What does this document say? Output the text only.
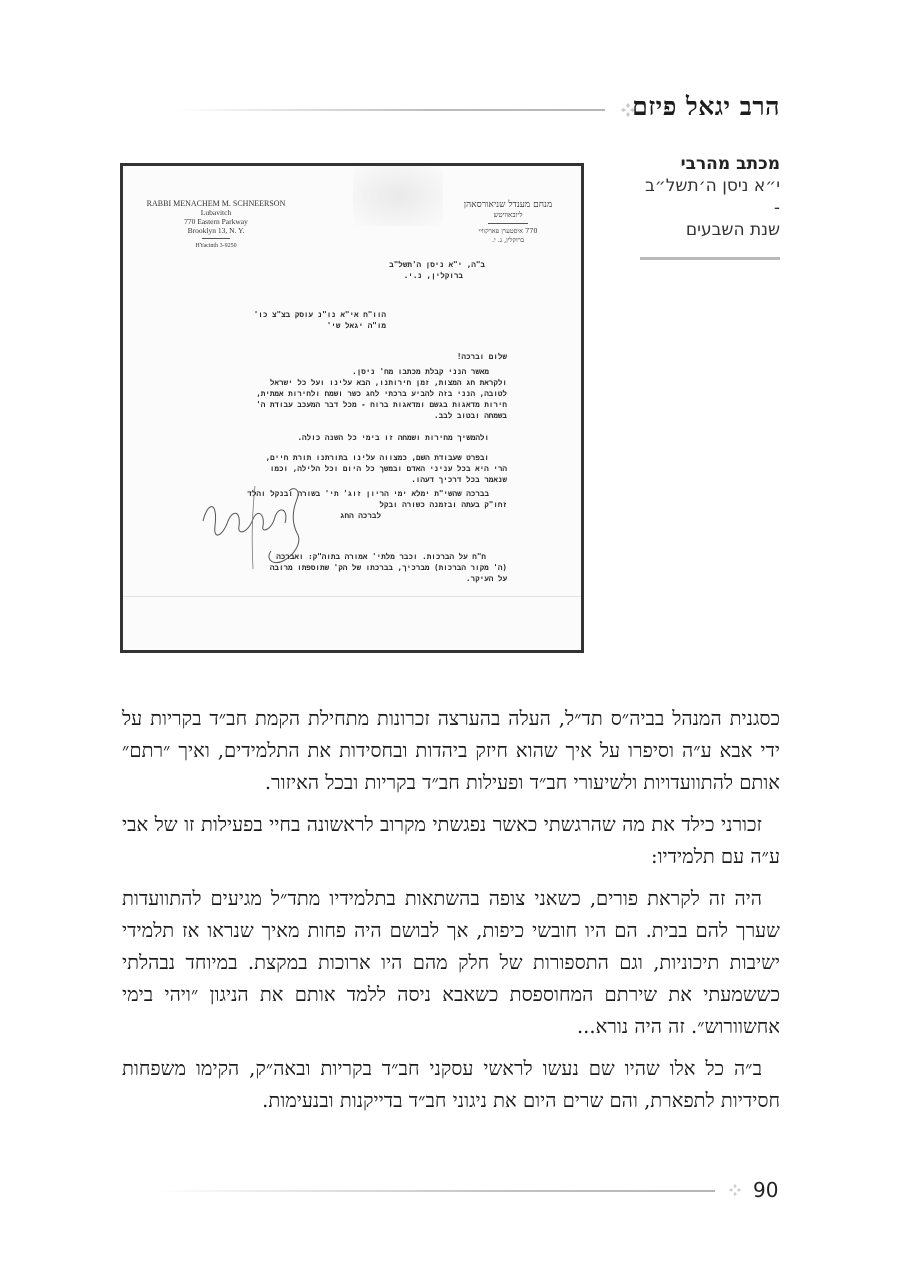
הרב יגאל פיזם
מכתב מהרבי
י״א ניסן ה׳תשל״ב -
שנת השבעים
RABBI MENACHEM M. SCHNEERSON
Lubavitch
770 Eastern Parkway
Brooklyn 13, N. Y.
HYacinth 3-9250
מנחם מענדל שניאורסאהן
ליובאוויטש
770 איסטערן פארקוויי
ברוקלין, נ. י.
ב"ה, י"א ניסן ה'תשל"ב
ברוקלין, נ.י.
הוו"ח אי"א נו"נ עוסק בצ"צ כו'
מו"ה יגאל שי'
שלום וברכה!
מאשר הנני קבלת מכתבו מח' ניסן.
ולקראת חג המצות, זמן חירותנו, הבא עלינו ועל כל ישראל
לטובה, הנני בזה להביע ברכתי לחג כשר ושמח ולחירות אמתית,
חירות מדאגות בגשם ומדאגות ברוח - מכל דבר המעכב עבודת ה'
בשמחה ובטוב לבב.
ולהמשיך מחירות ושמחה זו בימי כל השנה כולה.
ובפרט שעבודת השם, כמצווה עלינו בתורתנו תורת חיים,
הרי היא בכל עניני האדם ובמשך כל היום וכל הלילה, וכמו
שנאמר בכל דרכיך דעהו.
בברכה שהשי"ת ימלא ימי הריון זוג' תי' בשורה ובנקל והלד
זחו"ק בעתה ובזמנה כשורה ובקל
לברכה החג
ח"ח על הברכות. וכבר מלתי' אמורה בתוה"ק: ואברכה
(ה' מקור הברכות) מברכיך, בברכתו של הק' שתוספתו מרובה
על העיקר.

כסגנית המנהל בביה״ס תד״ל, העלה בהערצה זכרונות מתחילת הקמת חב״ד בקריות על ידי אבא ע״ה וסיפרו על איך שהוא חיזק ביהדות ובחסידות את התלמידים, ואיך ״רתם״ אותם להתוועדויות ולשיעורי חב״ד ופעילות חב״ד בקריות ובכל האיזור.

זכורני כילד את מה שהרגשתי כאשר נפגשתי מקרוב לראשונה בחיי בפעילות זו של אבי ע״ה עם תלמידיו:

היה זה לקראת פורים, כשאני צופה בהשתאות בתלמידיו מתד״ל מגיעים להתוועדות שערך להם בבית. הם היו חובשי כיפות, אך לבושם היה פחות מאיך שנראו אז תלמידי ישיבות תיכוניות, וגם התספורות של חלק מהם היו ארוכות במקצת. במיוחד נבהלתי כששמעתי את שירתם המחוספסת כשאבא ניסה ללמד אותם את הניגון ״ויהי בימי אחשוורוש״. זה היה נורא...

ב״ה כל אלו שהיו שם נעשו לראשי עסקני חב״ד בקריות ובאה״ק, הקימו משפחות חסידיות לתפארת, והם שרים היום את ניגוני חב״ד בדייקנות ובנעימות.

90
